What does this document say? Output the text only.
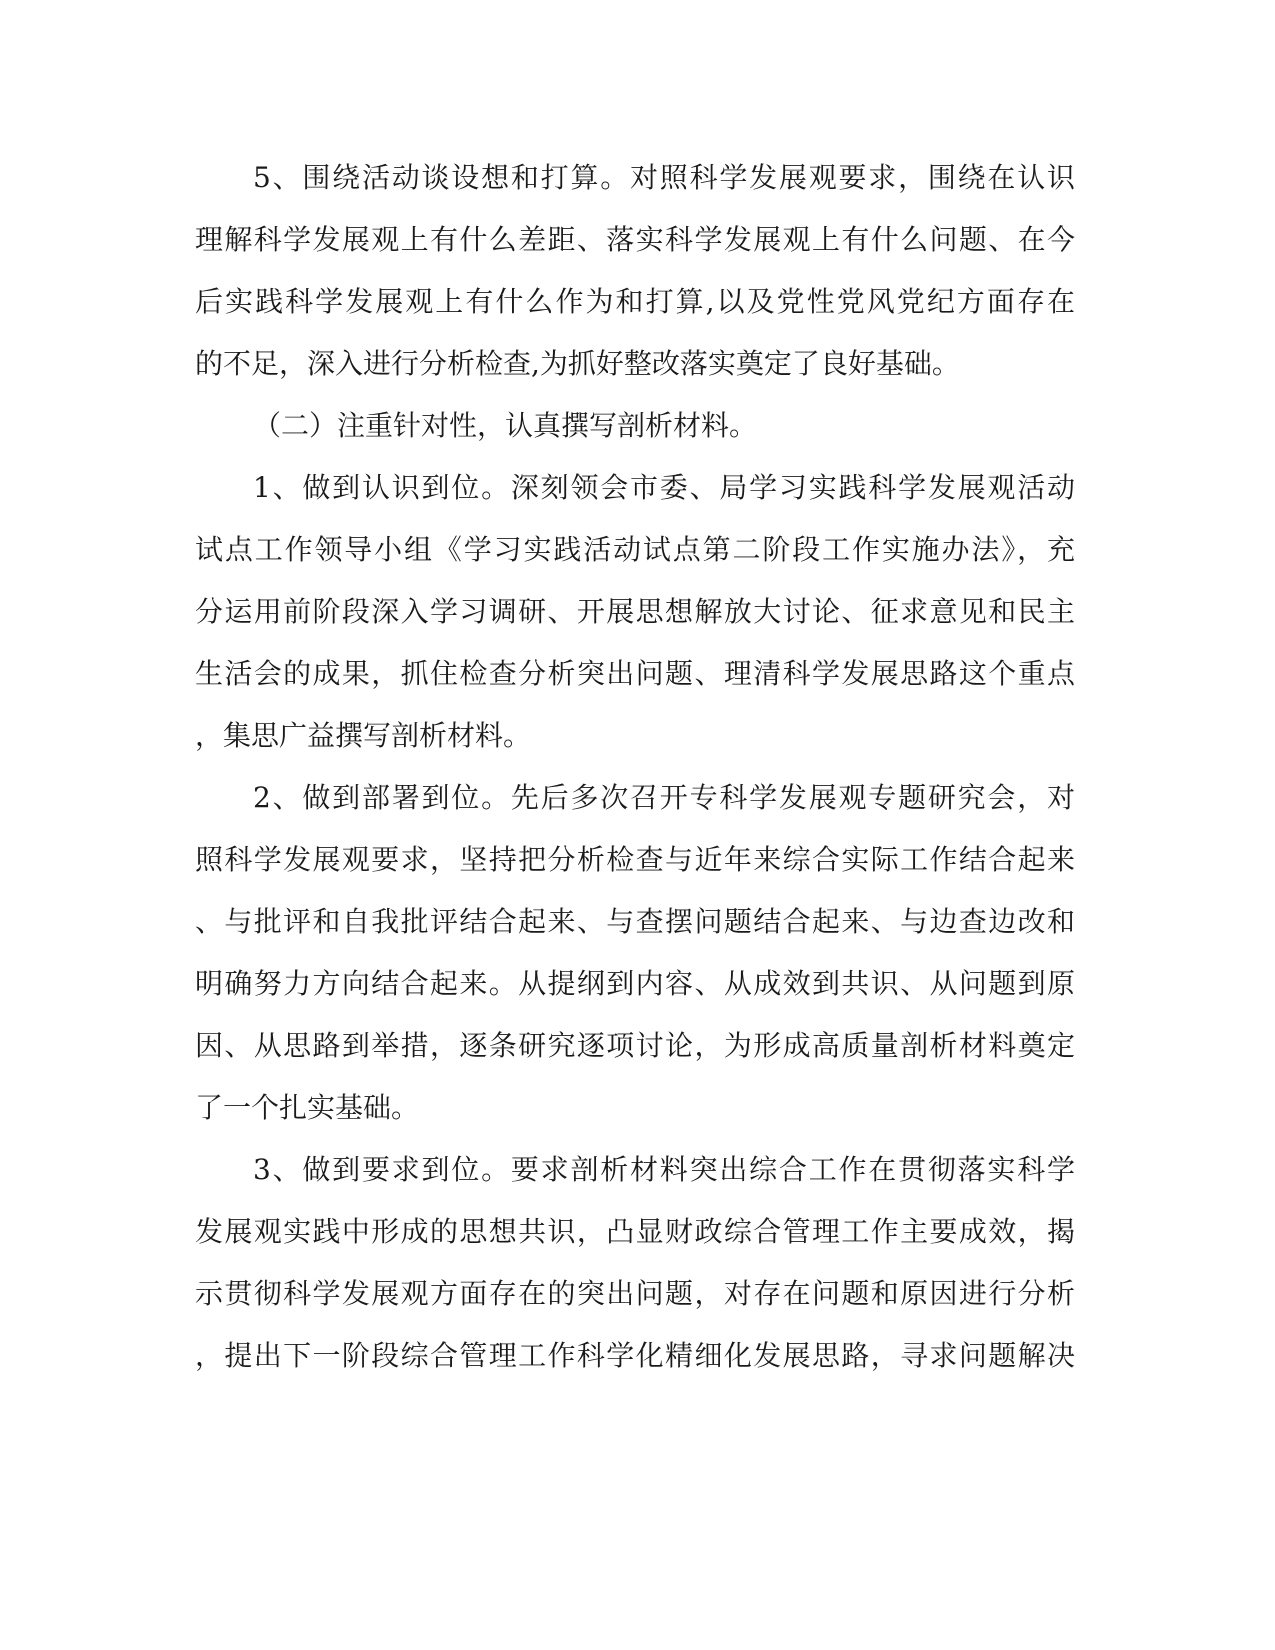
5、围绕活动谈设想和打算。对照科学发展观要求，围绕在认识
理解科学发展观上有什么差距、落实科学发展观上有什么问题、在今
后实践科学发展观上有什么作为和打算,以及党性党风党纪方面存在
的不足，深入进行分析检查,为抓好整改落实奠定了良好基础。
（二）注重针对性，认真撰写剖析材料。
1、做到认识到位。深刻领会市委、局学习实践科学发展观活动
试点工作领导小组《学习实践活动试点第二阶段工作实施办法》，充
分运用前阶段深入学习调研、开展思想解放大讨论、征求意见和民主
生活会的成果，抓住检查分析突出问题、理清科学发展思路这个重点
，集思广益撰写剖析材料。
2、做到部署到位。先后多次召开专科学发展观专题研究会，对
照科学发展观要求，坚持把分析检查与近年来综合实际工作结合起来
、与批评和自我批评结合起来、与查摆问题结合起来、与边查边改和
明确努力方向结合起来。从提纲到内容、从成效到共识、从问题到原
因、从思路到举措，逐条研究逐项讨论，为形成高质量剖析材料奠定
了一个扎实基础。
3、做到要求到位。要求剖析材料突出综合工作在贯彻落实科学
发展观实践中形成的思想共识，凸显财政综合管理工作主要成效，揭
示贯彻科学发展观方面存在的突出问题，对存在问题和原因进行分析
，提出下一阶段综合管理工作科学化精细化发展思路，寻求问题解决
